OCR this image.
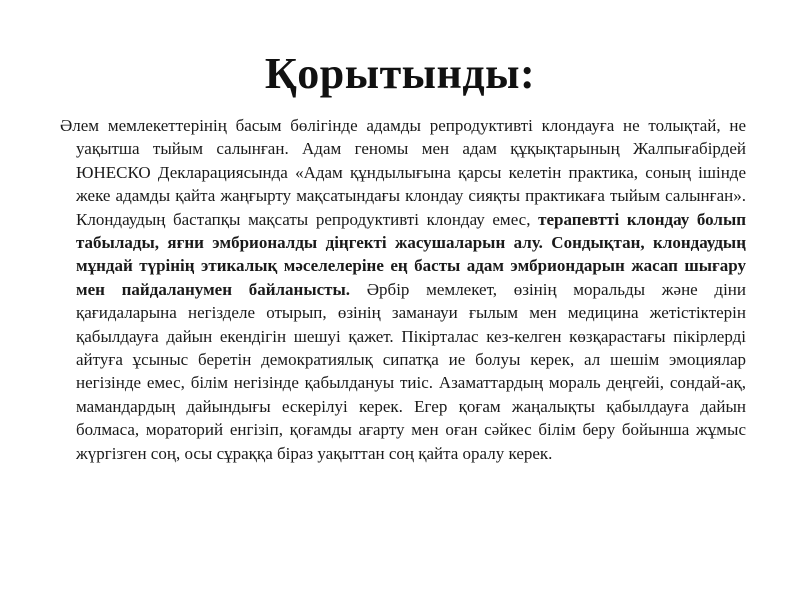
Қорытынды:

Әлем мемлекеттерінің басым бөлігінде адамды репродуктивті клондауға не толықтай, не уақытша тыйым салынған. Адам геномы мен адам құқықтарының Жалпығабірдей ЮНЕСКО Декларациясында «Адам құндылығына қарсы келетін практика, соның ішінде жеке адамды қайта жаңғырту мақсатындағы клондау сияқты практикаға тыйым салынған». Клондаудың бастапқы мақсаты репродуктивті клондау емес, терапевтті клондау болып табылады, яғни эмбрионалды діңгекті жасушаларын алу. Сондықтан, клондаудың мұндай түрінің этикалық мәселелеріне ең басты адам эмбриондарын жасап шығару мен пайдаланумен байланысты. Әрбір мемлекет, өзінің моральды және діни қағидаларына негізделе отырып, өзінің заманауи ғылым мен медицина жетістіктерін қабылдауға дайын екендігін шешуі қажет. Пікірталас кез-келген көзқарастағы пікірлерді айтуға ұсыныс беретін демократиялық сипатқа ие болуы керек, ал шешім эмоциялар негізінде емес, білім негізінде қабылдануы тиіс. Азаматтардың мораль деңгейі, сондай-ақ, мамандардың дайындығы ескерілуі керек. Егер қоғам жаңалықты қабылдауға дайын болмаса, мораторий енгізіп, қоғамды ағарту мен оған сәйкес білім беру бойынша жұмыс жүргізген соң, осы сұраққа біраз уақыттан соң қайта оралу керек.
